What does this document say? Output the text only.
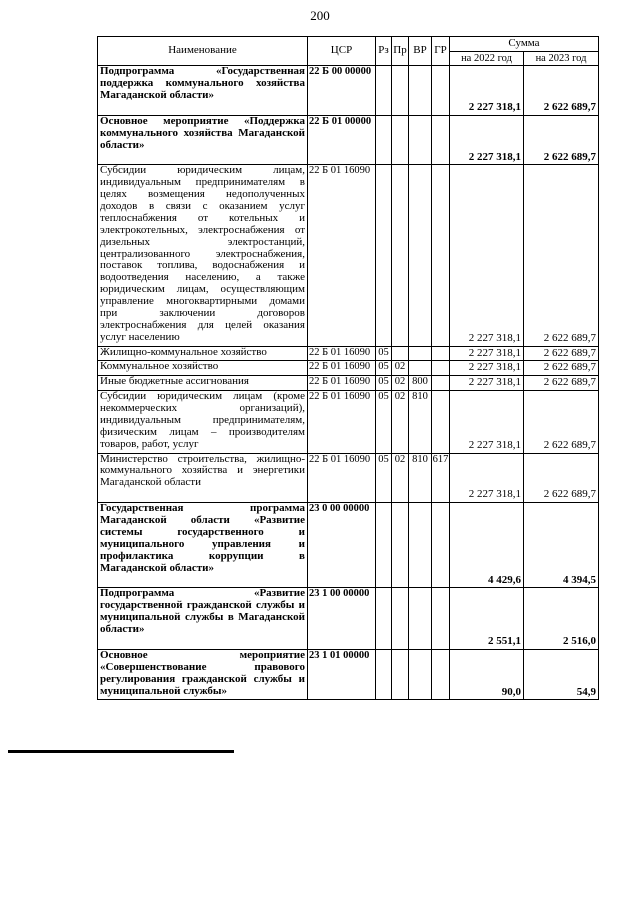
200
Наименование	ЦСР	Рз	Пр	ВР	ГР	Сумма	
						на 2022 год	на 2023 год
Подпрограмма «Государственная поддержка коммунального хозяйства Магаданской области»	22 Б 00 00000					2 227 318,1	2 622 689,7
Основное мероприятие «Поддержка коммунального хозяйства Магаданской области»	22 Б 01 00000					2 227 318,1	2 622 689,7
Субсидии юридическим лицам, индивидуальным предпринимателям в целях возмещения недополученных доходов в связи с оказанием услуг теплоснабжения от котельных и электрокотельных, электроснабжения от дизельных электростанций, централизованного электроснабжения, поставок топлива, водоснабжения и водоотведения населению, а также юридическим лицам, осуществляющим управление многоквартирными домами при заключении договоров электроснабжения для целей оказания услуг населению	22 Б 01 16090					2 227 318,1	2 622 689,7
Жилищно-коммунальное хозяйство	22 Б 01 16090	05				2 227 318,1	2 622 689,7
Коммунальное хозяйство	22 Б 01 16090	05	02			2 227 318,1	2 622 689,7
Иные бюджетные ассигнования	22 Б 01 16090	05	02	800		2 227 318,1	2 622 689,7
Субсидии юридическим лицам (кроме некоммерческих организаций), индивидуальным предпринимателям, физическим лицам – производителям товаров, работ, услуг	22 Б 01 16090	05	02	810		2 227 318,1	2 622 689,7
Министерство строительства, жилищно-коммунального хозяйства и энергетики Магаданской области	22 Б 01 16090	05	02	810	617	2 227 318,1	2 622 689,7
Государственная программа Магаданской области «Развитие системы государственного и муниципального управления и профилактика коррупции в Магаданской области»	23 0 00 00000					4 429,6	4 394,5
Подпрограмма «Развитие государственной гражданской службы и муниципальной службы в Магаданской области»	23 1 00 00000					2 551,1	2 516,0
Основное мероприятие «Совершенствование правового регулирования гражданской службы и муниципальной службы»	23 1 01 00000					90,0	54,9
